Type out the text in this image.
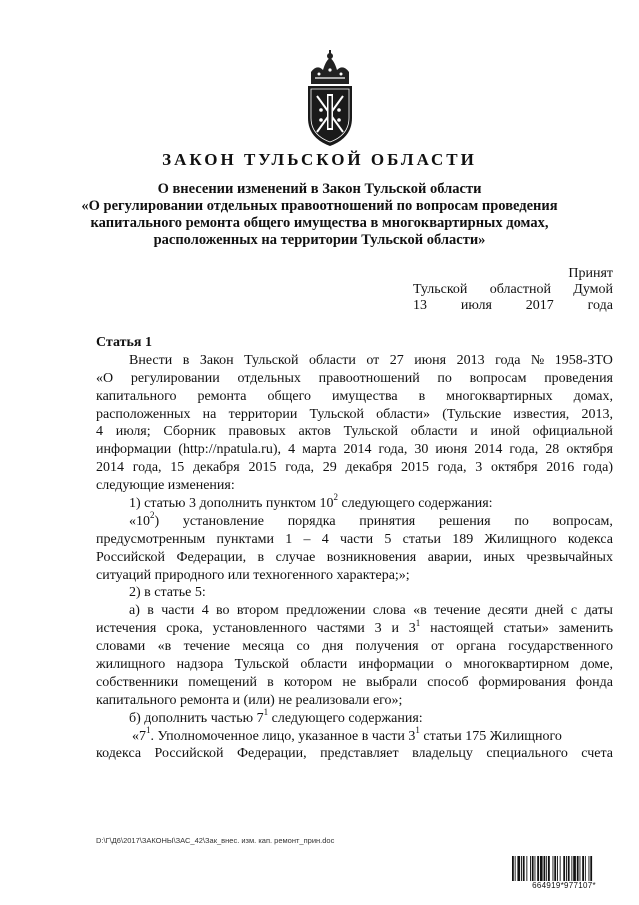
ЗАКОН ТУЛЬСКОЙ ОБЛАСТИ
О внесении изменений в Закон Тульской области
«О регулировании отдельных правоотношений по вопросам проведения
капитального ремонта общего имущества в многоквартирных домах,
расположенных на территории Тульской области»
Принят
Тульской областной Думой
13 июля 2017 года
Статья 1
Внести в Закон Тульской области от 27 июня 2013 года № 1958-ЗТО
«О регулировании отдельных правоотношений по вопросам проведения
капитального ремонта общего имущества в многоквартирных домах,
расположенных на территории Тульской области» (Тульские известия, 2013,
4 июля; Сборник правовых актов Тульской области и иной официальной
информации (http://npatula.ru), 4 марта 2014 года, 30 июня 2014 года, 28 октября
2014 года, 15 декабря 2015 года, 29 декабря 2015 года, 3 октября 2016 года)
следующие изменения:
1) статью 3 дополнить пунктом $10^2$ следующего содержания:
«$10^2$) установление порядка принятия решения по вопросам,
предусмотренным пунктами 1 – 4 части 5 статьи 189 Жилищного кодекса
Российской Федерации, в случае возникновения аварии, иных чрезвычайных
ситуаций природного или техногенного характера;»;
2) в статье 5:
а) в части 4 во втором предложении слова «в течение десяти дней с даты
истечения срока, установленного частями 3 и $3^1$ настоящей статьи» заменить
словами «в течение месяца со дня получения от органа государственного
жилищного надзора Тульской области информации о многоквартирном доме,
собственники помещений в котором не выбрали способ формирования фонда
капитального ремонта и (или) не реализовали его»;
б) дополнить частью $7^1$ следующего содержания:
«$7^1$. Уполномоченное лицо, указанное в части $3^1$ статьи 175 Жилищного
кодекса Российской Федерации, представляет владельцу специального счета
D:\Г\Д6\2017\ЗАКОНЫ\ЗАС_42\Зак_внес. изм. кап. ремонт_прин.doc
664919*977107*
